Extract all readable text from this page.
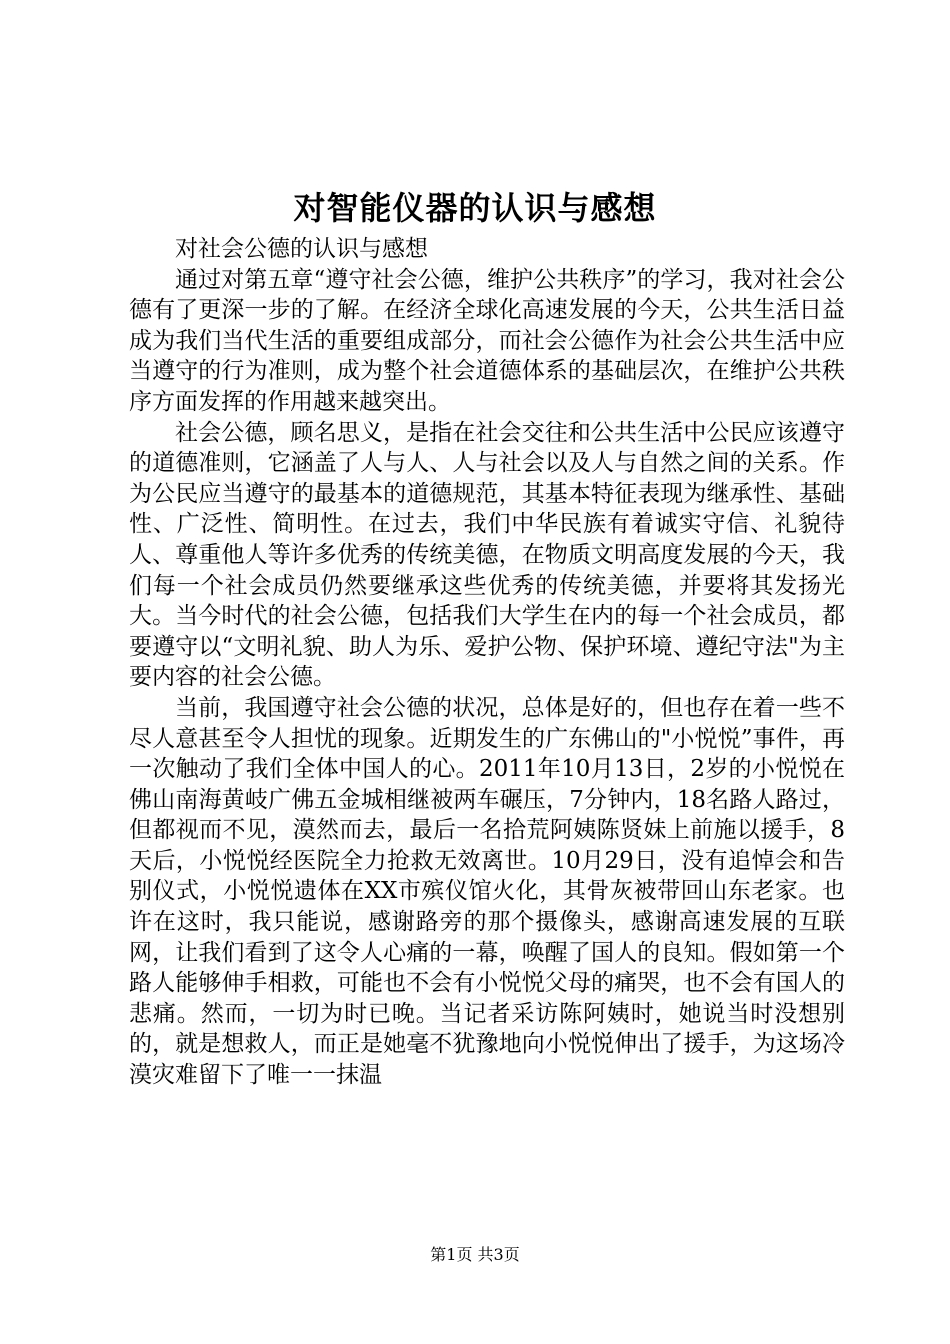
对智能仪器的认识与感想

对社会公德的认识与感想

通过对第五章“遵守社会公德，维护公共秩序”的学习，我对社会公德有了更深一步的了解。在经济全球化高速发展的今天，公共生活日益成为我们当代生活的重要组成部分，而社会公德作为社会公共生活中应当遵守的行为准则，成为整个社会道德体系的基础层次，在维护公共秩序方面发挥的作用越来越突出。

社会公德，顾名思义，是指在社会交往和公共生活中公民应该遵守的道德准则，它涵盖了人与人、人与社会以及人与自然之间的关系。作为公民应当遵守的最基本的道德规范，其基本特征表现为继承性、基础性、广泛性、简明性。在过去，我们中华民族有着诚实守信、礼貌待人、尊重他人等许多优秀的传统美德，在物质文明高度发展的今天，我们每一个社会成员仍然要继承这些优秀的传统美德，并要将其发扬光大。当今时代的社会公德，包括我们大学生在内的每一个社会成员，都要遵守以“文明礼貌、助人为乐、爱护公物、保护环境、遵纪守法"为主要内容的社会公德。

当前，我国遵守社会公德的状况，总体是好的，但也存在着一些不尽人意甚至令人担忧的现象。近期发生的广东佛山的"小悦悦”事件，再一次触动了我们全体中国人的心。2011年10月13日，2岁的小悦悦在佛山南海黄岐广佛五金城相继被两车碾压，7分钟内，18名路人路过，但都视而不见，漠然而去，最后一名拾荒阿姨陈贤妹上前施以援手，8天后，小悦悦经医院全力抢救无效离世。10月29日，没有追悼会和告别仪式，小悦悦遗体在XX市殡仪馆火化，其骨灰被带回山东老家。也许在这时，我只能说，感谢路旁的那个摄像头，感谢高速发展的互联网，让我们看到了这令人心痛的一幕，唤醒了国人的良知。假如第一个路人能够伸手相救，可能也不会有小悦悦父母的痛哭，也不会有国人的悲痛。然而，一切为时已晚。当记者采访陈阿姨时，她说当时没想别的，就是想救人，而正是她毫不犹豫地向小悦悦伸出了援手，为这场冷漠灾难留下了唯一一抹温

第1页 共3页
